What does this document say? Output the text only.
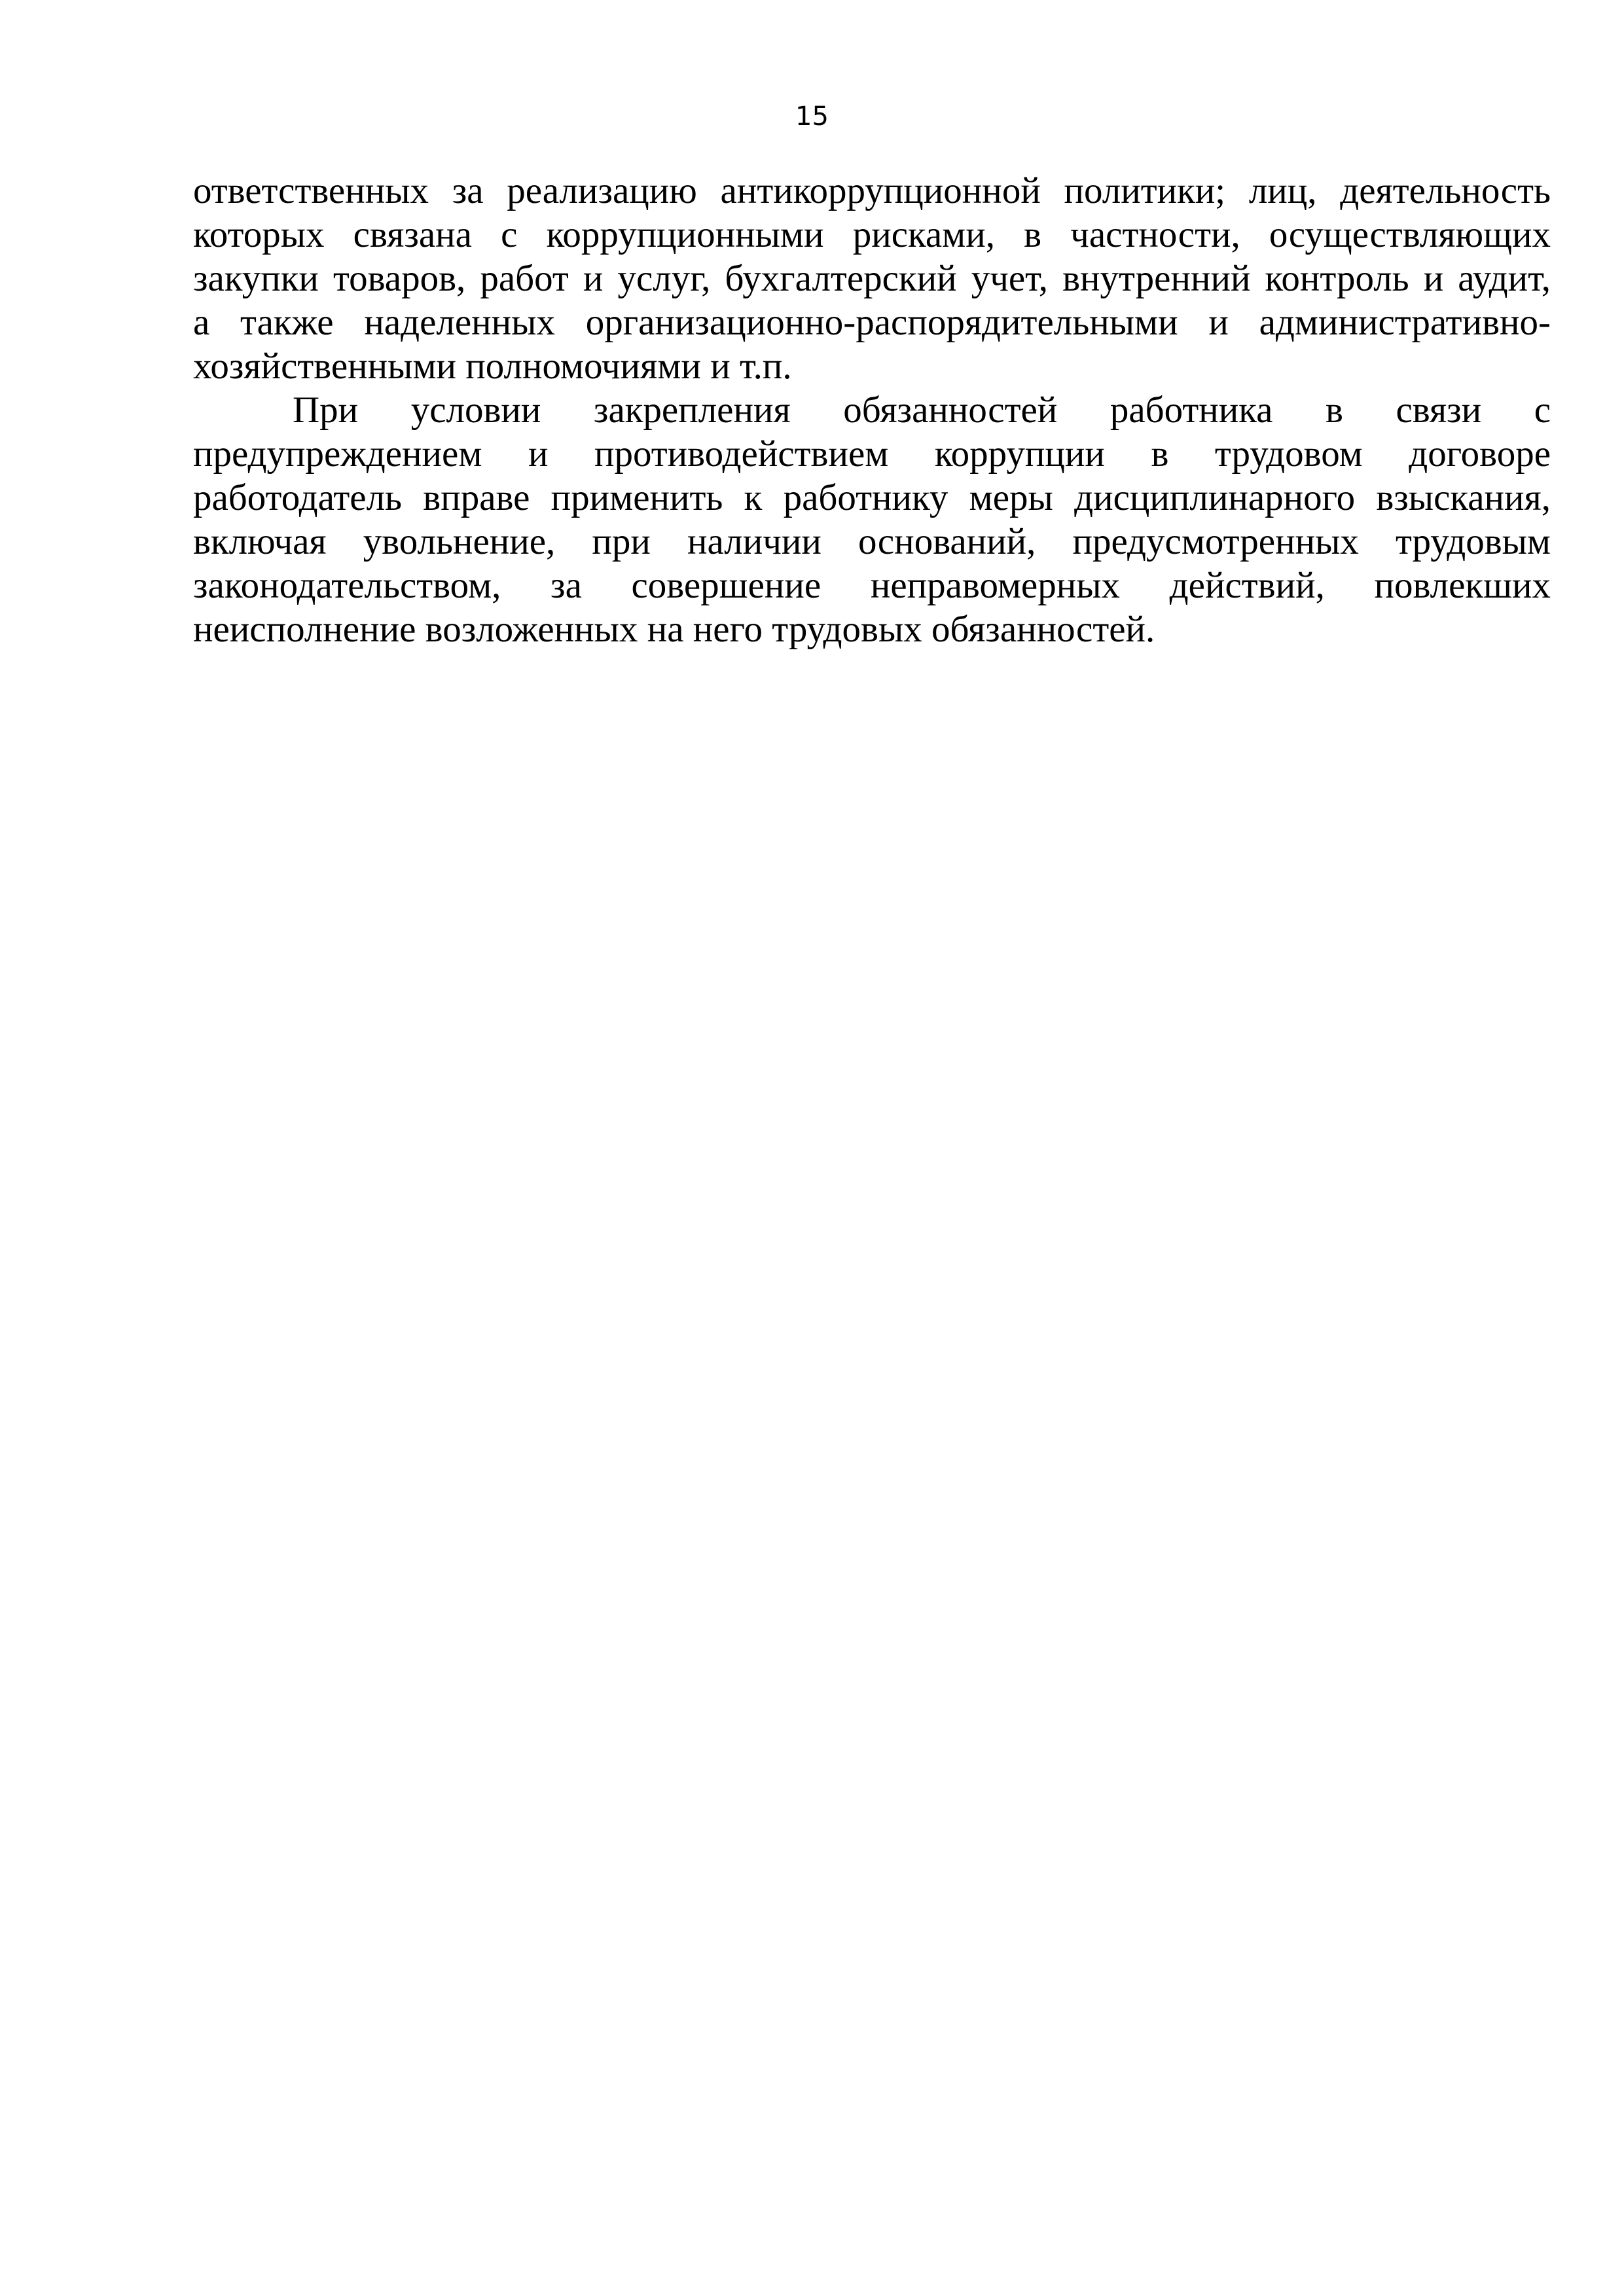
15
ответственных за реализацию антикоррупционной политики; лиц, деятельность
которых связана с коррупционными рисками, в частности, осуществляющих
закупки товаров, работ и услуг, бухгалтерский учет, внутренний контроль и аудит,
а также наделенных организационно-распорядительными и административно-
хозяйственными полномочиями и т.п.
При условии закрепления обязанностей работника в связи с
предупреждением и противодействием коррупции в трудовом договоре
работодатель вправе применить к работнику меры дисциплинарного взыскания,
включая увольнение, при наличии оснований, предусмотренных трудовым
законодательством, за совершение неправомерных действий, повлекших
неисполнение возложенных на него трудовых обязанностей.
